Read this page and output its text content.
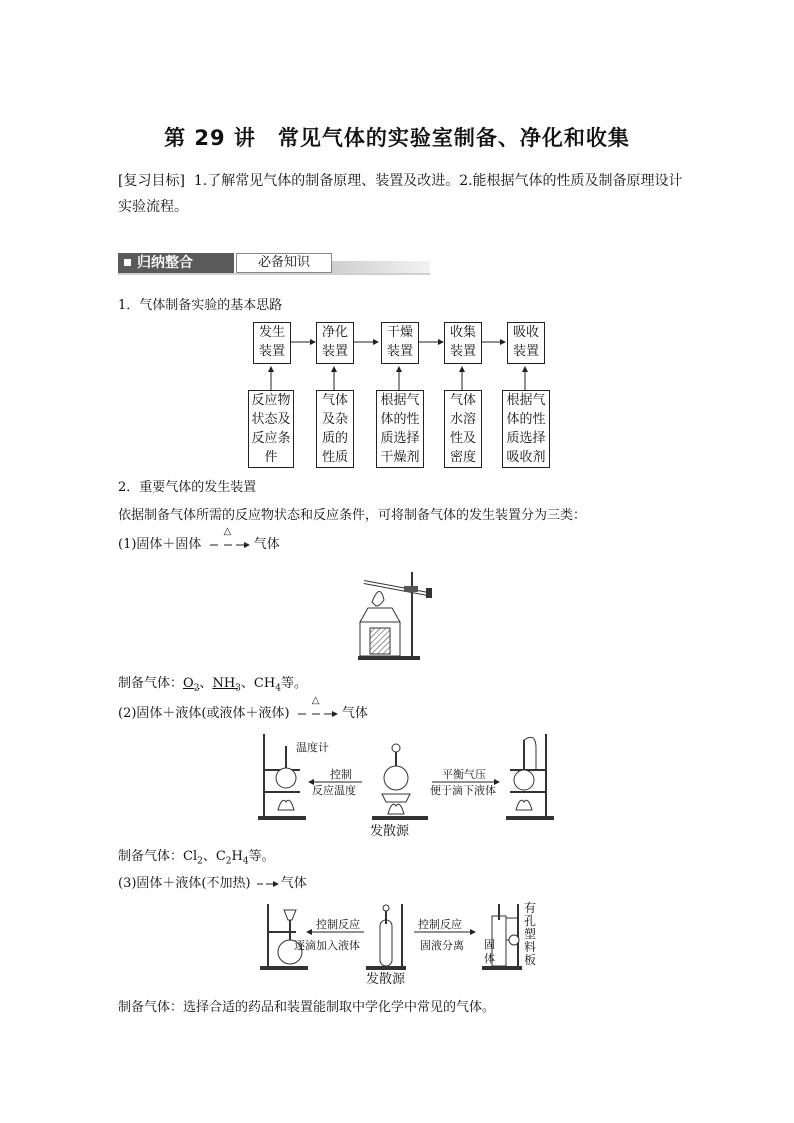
第 29 讲　常见气体的实验室制备、净化和收集
[复习目标] 1.了解常见气体的制备原理、装置及改进。2.能根据气体的性质及制备原理设计
实验流程。
归纳整合	必备知识
1．气体制备实验的基本思路
发生
装置
净化
装置
干燥
装置
收集
装置
吸收
装置
反应物
状态及
反应条
件
气体
及杂
质的
性质
根据气
体的性
质选择
干燥剂
气体
水溶
性及
密度
根据气
体的性
质选择
吸收剂
2．重要气体的发生装置
依据制备气体所需的反应物状态和反应条件，可将制备气体的发生装置分为三类：
(1)固体＋固体
△
气体
制备气体：$O_2$、$NH_3$、$CH_4$等。
(2)固体＋液体(或液体＋液体)
△
气体
温度计
控制
反应温度
平衡气压
便于滴下液体
发散源
制备气体：$Cl_2$、$C_2H_4$等。
(3)固体＋液体(不加热) 气体
控制反应
逐滴加入液体
控制反应
固液分离
发散源
固
体
有
孔
塑
料
板
制备气体：选择合适的药品和装置能制取中学化学中常见的气体。
